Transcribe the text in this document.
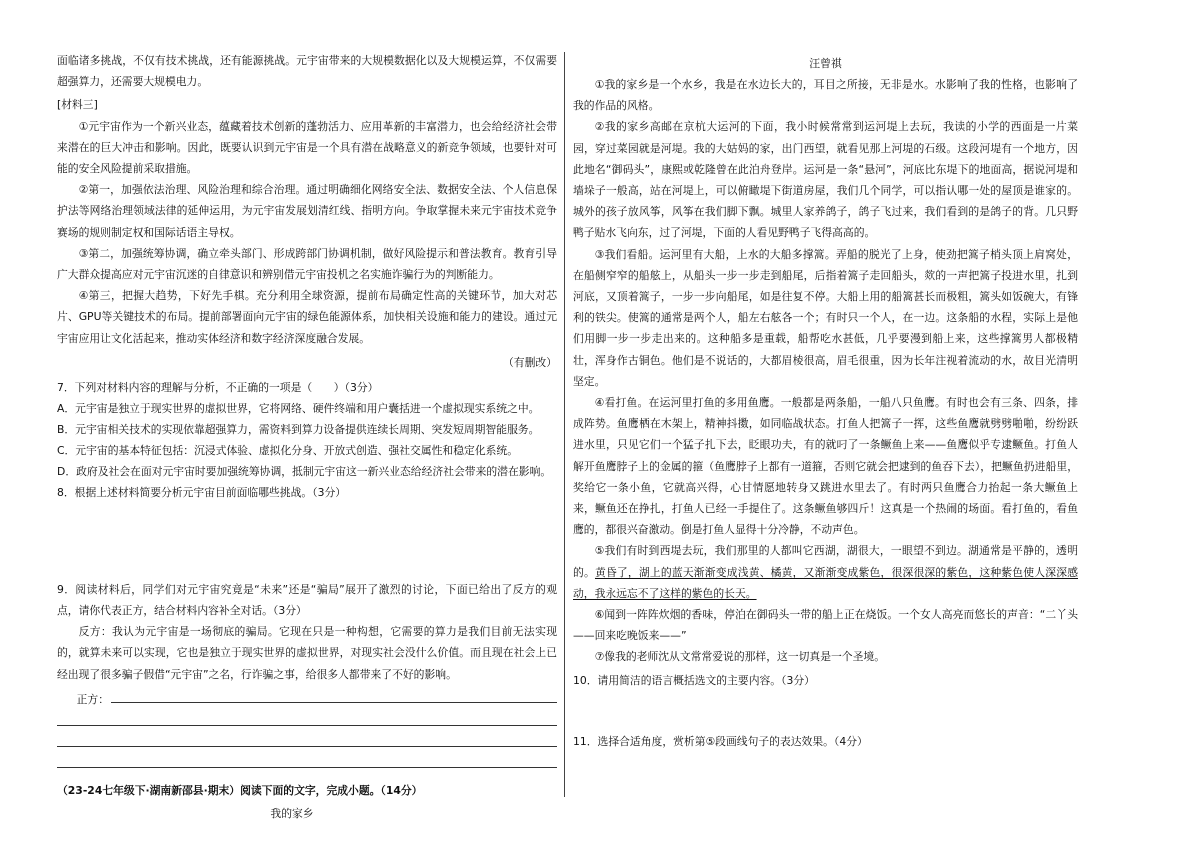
面临诸多挑战，不仅有技术挑战，还有能源挑战。元宇宙带来的大规模数据化以及大规模运算，不仅需要超强算力，还需要大规模电力。

[材料三]

①元宇宙作为一个新兴业态，蕴藏着技术创新的蓬勃活力、应用革新的丰富潜力，也会给经济社会带来潜在的巨大冲击和影响。因此，既要认识到元宇宙是一个具有潜在战略意义的新竞争领域，也要针对可能的安全风险提前采取措施。

②第一，加强依法治理、风险治理和综合治理。通过明确细化网络安全法、数据安全法、个人信息保护法等网络治理领域法律的延伸运用，为元宇宙发展划清红线、指明方向。争取掌握未来元宇宙技术竞争赛场的规则制定权和国际话语主导权。

③第二，加强统筹协调，确立牵头部门、形成跨部门协调机制，做好风险提示和普法教育。教育引导广大群众提高应对元宇宙沉迷的自律意识和辨别借元宇宙投机之名实施诈骗行为的判断能力。

④第三，把握大趋势，下好先手棋。充分利用全球资源，提前布局确定性高的关键环节，加大对芯片、GPU等关键技术的布局。提前部署面向元宇宙的绿色能源体系，加快相关设施和能力的建设。通过元宇宙应用让文化活起来，推动实体经济和数字经济深度融合发展。

（有删改）

7．下列对材料内容的理解与分析，不正确的一项是（　　）（3分）

A．元宇宙是独立于现实世界的虚拟世界，它将网络、硬件终端和用户囊括进一个虚拟现实系统之中。

B．元宇宙相关技术的实现依靠超强算力，需资料到算力设备提供连续长周期、突发短周期智能服务。

C．元宇宙的基本特征包括：沉浸式体验、虚拟化分身、开放式创造、强社交属性和稳定化系统。

D．政府及社会在面对元宇宙时要加强统筹协调，抵制元宇宙这一新兴业态给经济社会带来的潜在影响。

8．根据上述材料简要分析元宇宙目前面临哪些挑战。（3分）

9．阅读材料后，同学们对元宇宙究竟是“未来”还是“骗局”展开了激烈的讨论，下面已给出了反方的观点，请你代表正方，结合材料内容补全对话。（3分）

反方：我认为元宇宙是一场彻底的骗局。它现在只是一种构想，它需要的算力是我们目前无法实现的，就算未来可以实现，它也是独立于现实世界的虚拟世界，对现实社会没什么价值。而且现在社会上已经出现了很多骗子假借“元宇宙”之名，行诈骗之事，给很多人都带来了不好的影响。

正方：

（23-24七年级下·湖南新邵县·期末）阅读下面的文字，完成小题。（14分）

我的家乡

汪曾祺

①我的家乡是一个水乡，我是在水边长大的，耳目之所接，无非是水。水影响了我的性格，也影响了我的作品的风格。

②我的家乡高邮在京杭大运河的下面，我小时候常常到运河堤上去玩，我读的小学的西面是一片菜园，穿过菜园就是河堤。我的大姑妈的家，出门西望，就看见那上河堤的石级。这段河堤有一个地方，因此地名“御码头”，康熙或乾隆曾在此泊舟登岸。运河是一条“悬河”，河底比东堤下的地面高，据说河堤和墙垛子一般高，站在河堤上，可以俯瞰堤下街道房屋，我们几个同学，可以指认哪一处的屋顶是谁家的。城外的孩子放风筝，风筝在我们脚下飘。城里人家养鸽子，鸽子飞过来，我们看到的是鸽子的背。几只野鸭子贴水飞向东，过了河堤，下面的人看见野鸭子飞得高高的。

③我们看船。运河里有大船，上水的大船多撑篙。弄船的脱光了上身，使劲把篙子梢头顶上肩窝处，在船侧窄窄的船舷上，从船头一步一步走到船尾，后指着篙子走回船头，欻的一声把篙子投进水里，扎到河底，又顶着篙子，一步一步向船尾，如是往复不停。大船上用的船篙甚长而极粗，篙头如饭碗大，有锋利的铁尖。使篙的通常是两个人，船左右舷各一个；有时只一个人，在一边。这条船的水程，实际上是他们用脚一步一步走出来的。这种船多是重载，船帮吃水甚低，几乎要漫到船上来，这些撑篙男人都极精壮，浑身作古铜色。他们是不说话的，大都眉棱很高，眉毛很重，因为长年注视着流动的水，故目光清明坚定。

④看打鱼。在运河里打鱼的多用鱼鹰。一般都是两条船，一船八只鱼鹰。有时也会有三条、四条，排成阵势。鱼鹰栖在木架上，精神抖擞，如同临战状态。打鱼人把篙子一挥，这些鱼鹰就劈劈啪啪，纷纷跃进水里，只见它们一个猛子扎下去，眨眼功夫，有的就叼了一条鳜鱼上来——鱼鹰似乎专逮鳜鱼。打鱼人解开鱼鹰脖子上的金属的箍（鱼鹰脖子上都有一道箍，否则它就会把逮到的鱼吞下去），把鳜鱼扔进船里，奖给它一条小鱼，它就高兴得，心甘情愿地转身又跳进水里去了。有时两只鱼鹰合力抬起一条大鳜鱼上来，鳜鱼还在挣扎，打鱼人已经一手提住了。这条鳜鱼够四斤！这真是一个热闹的场面。看打鱼的，看鱼鹰的，都很兴奋激动。倒是打鱼人显得十分冷静，不动声色。

⑤我们有时到西堤去玩，我们那里的人都叫它西湖，湖很大，一眼望不到边。湖通常是平静的，透明的。黄昏了，湖上的蓝天渐渐变成浅黄、橘黄，又渐渐变成紫色，很深很深的紫色，这种紫色使人深深感动，我永远忘不了这样的紫色的长天。

⑥闻到一阵阵炊烟的香味，停泊在御码头一带的船上正在烧饭。一个女人高亮而悠长的声音：“二丫头——回来吃晚饭来——”

⑦像我的老师沈从文常常爱说的那样，这一切真是一个圣境。

10．请用简洁的语言概括选文的主要内容。（3分）

11．选择合适角度，赏析第⑤段画线句子的表达效果。（4分）
